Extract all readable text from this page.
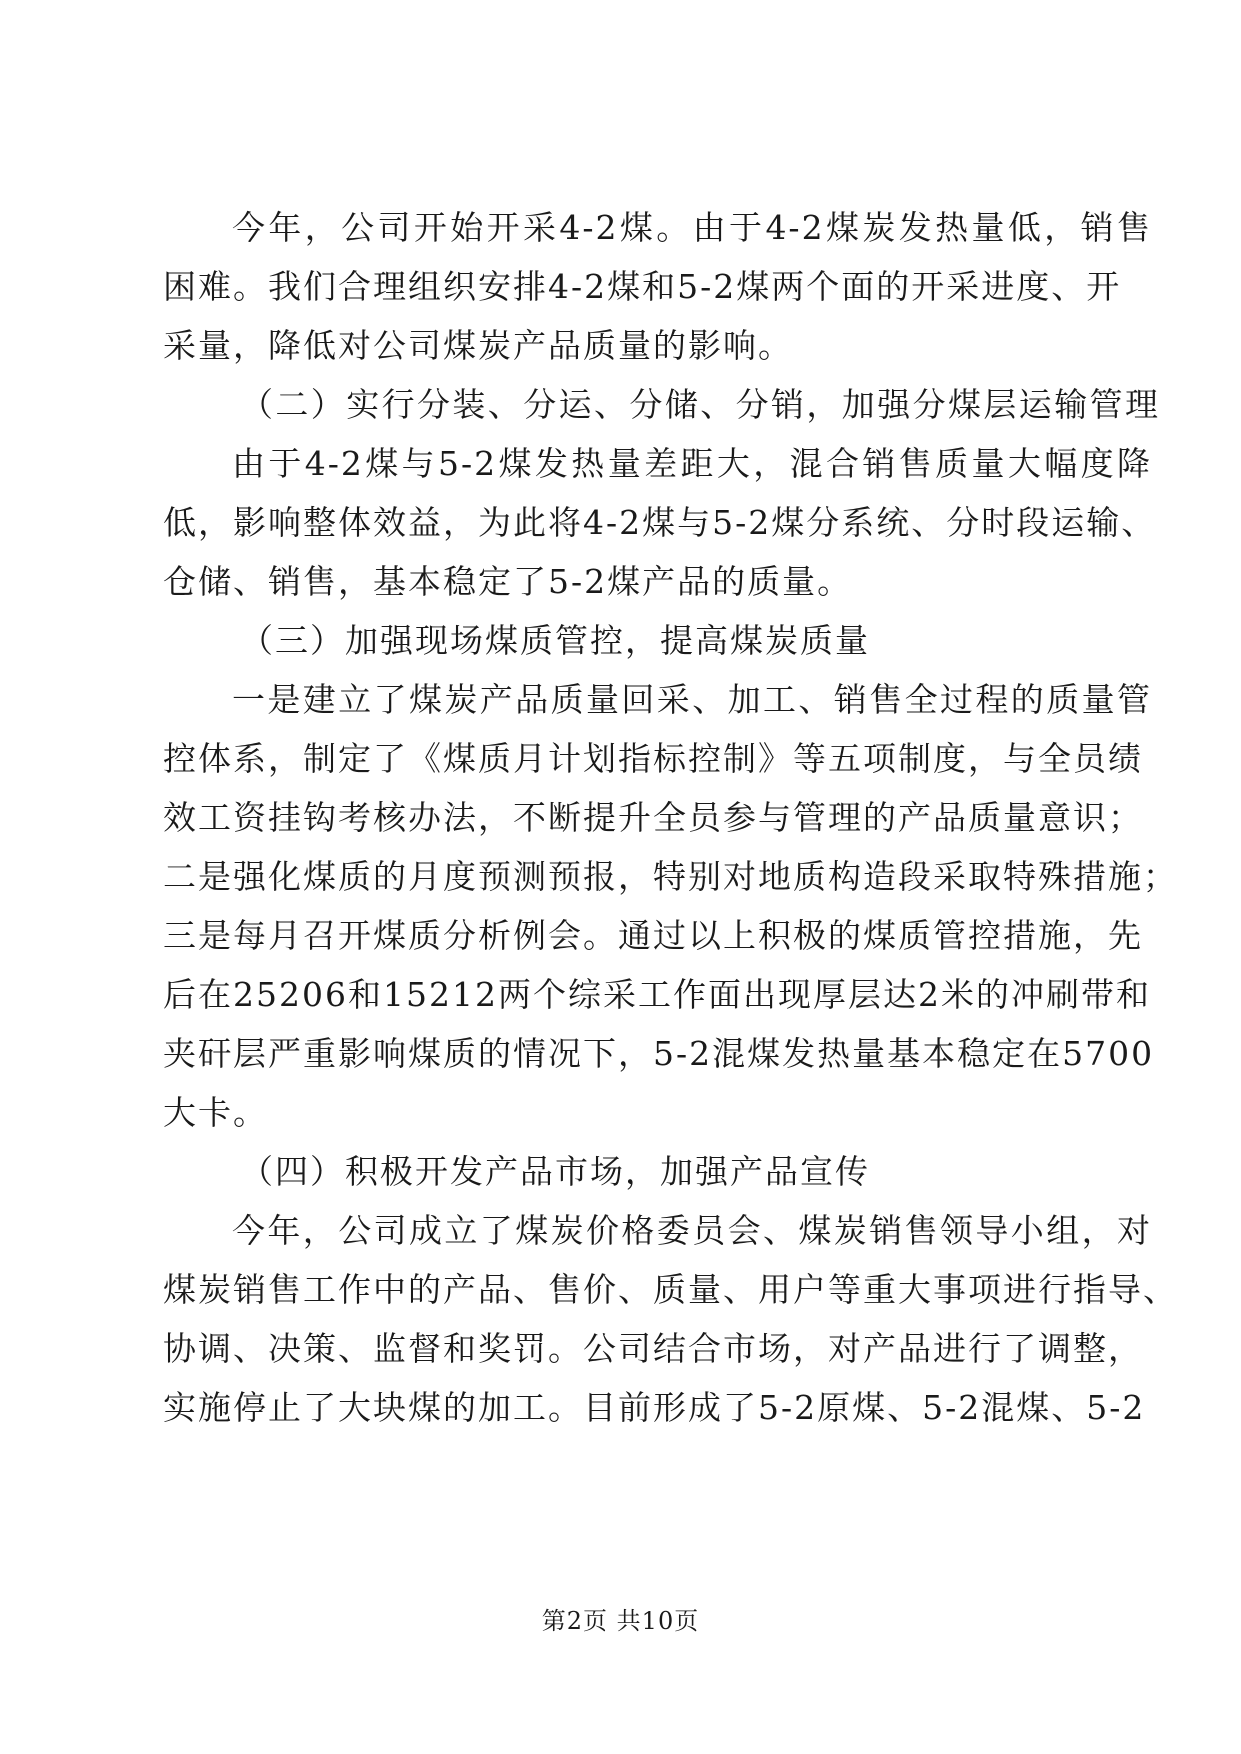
今年，公司开始开采4-2煤。由于4-2煤炭发热量低，销售
困难。我们合理组织安排4-2煤和5-2煤两个面的开采进度、开
采量，降低对公司煤炭产品质量的影响。
（二）实行分装、分运、分储、分销，加强分煤层运输管理
由于4-2煤与5-2煤发热量差距大，混合销售质量大幅度降
低，影响整体效益，为此将4-2煤与5-2煤分系统、分时段运输、
仓储、销售，基本稳定了5-2煤产品的质量。
（三）加强现场煤质管控，提高煤炭质量
一是建立了煤炭产品质量回采、加工、销售全过程的质量管
控体系，制定了《煤质月计划指标控制》等五项制度，与全员绩
效工资挂钩考核办法，不断提升全员参与管理的产品质量意识；
二是强化煤质的月度预测预报，特别对地质构造段采取特殊措施；
三是每月召开煤质分析例会。通过以上积极的煤质管控措施，先
后在25206和15212两个综采工作面出现厚层达2米的冲刷带和
夹矸层严重影响煤质的情况下，5-2混煤发热量基本稳定在5700
大卡。
（四）积极开发产品市场，加强产品宣传
今年，公司成立了煤炭价格委员会、煤炭销售领导小组，对
煤炭销售工作中的产品、售价、质量、用户等重大事项进行指导、
协调、决策、监督和奖罚。公司结合市场，对产品进行了调整，
实施停止了大块煤的加工。目前形成了5-2原煤、5-2混煤、5-2
第2页 共10页
